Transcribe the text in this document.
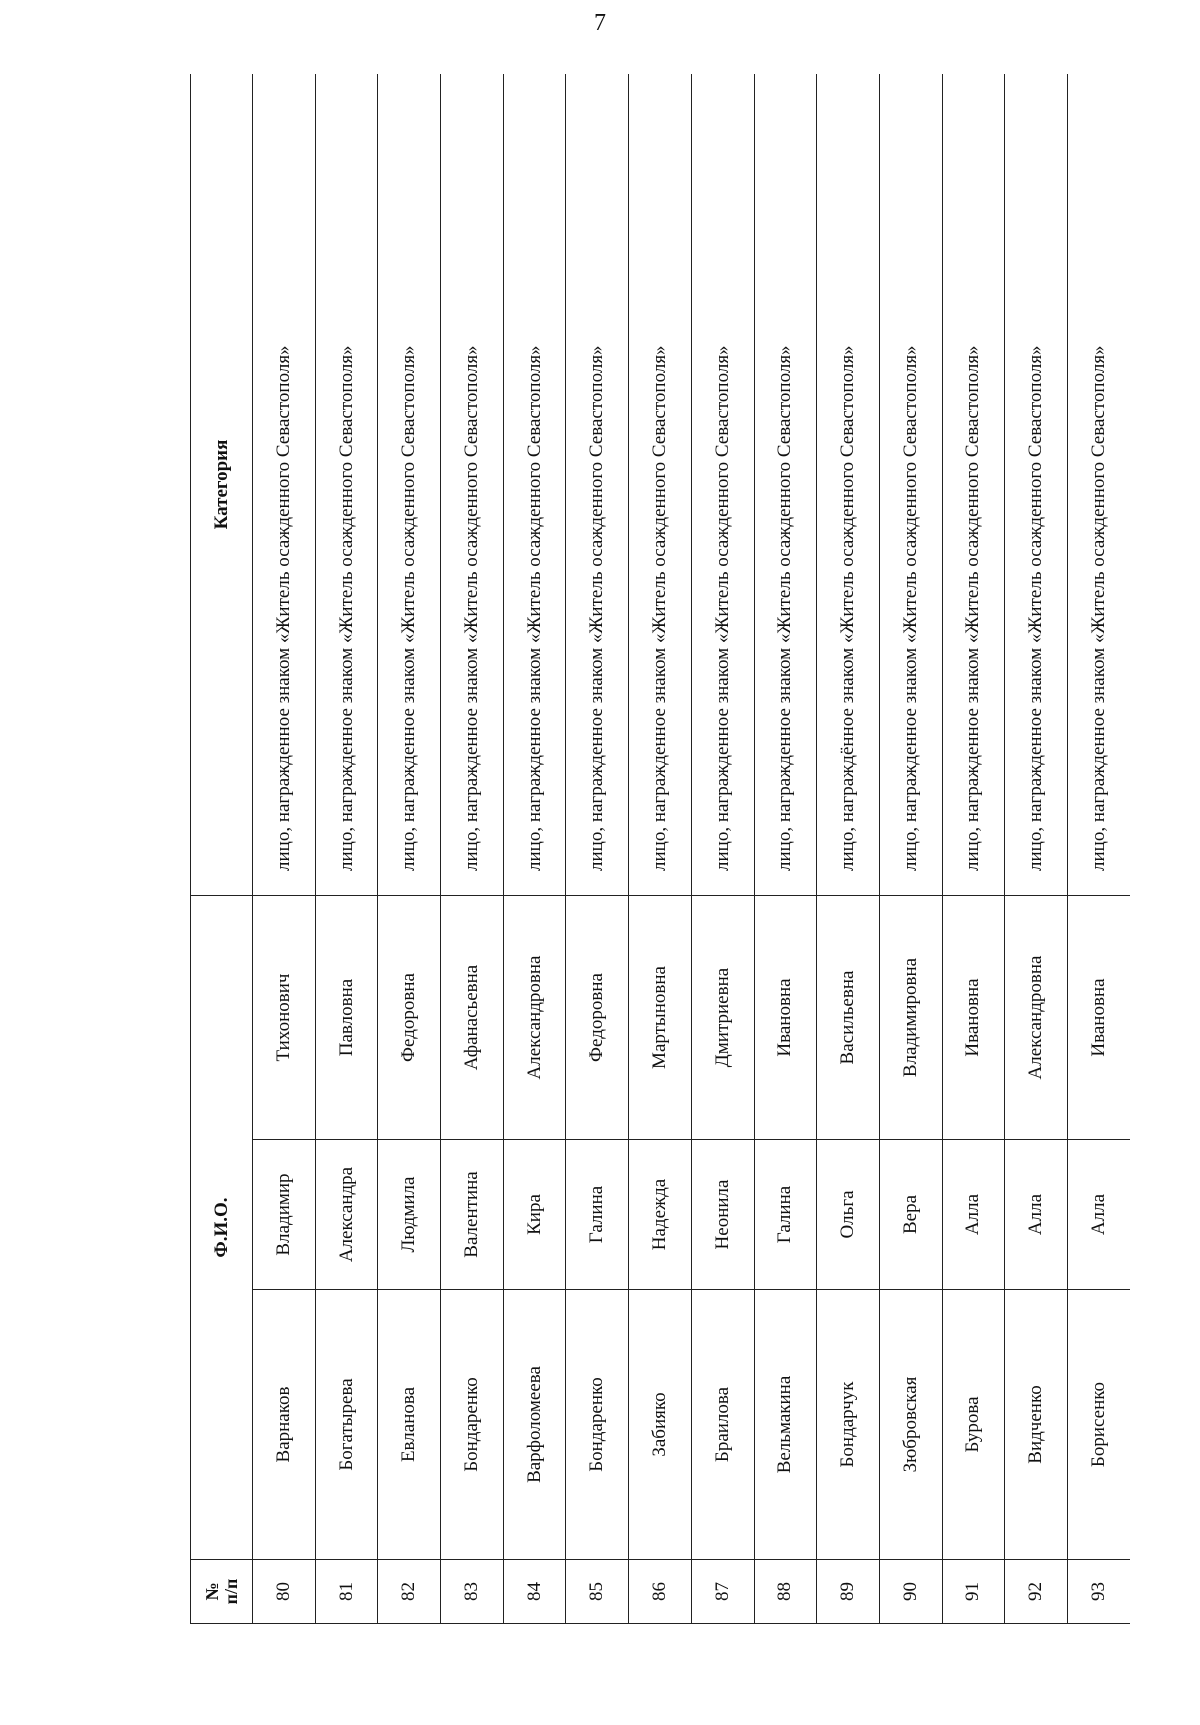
7
№
п/п	Ф.И.О.			Категория
80	Варнаков	Владимир	Тихонович	лицо, награжденное знаком «Житель осажденного Севастополя»
81	Богатырева	Александра	Павловна	лицо, награжденное знаком «Житель осажденного Севастополя»
82	Евланова	Людмила	Федоровна	лицо, награжденное знаком «Житель осажденного Севастополя»
83	Бондаренко	Валентина	Афанасьевна	лицо, награжденное знаком «Житель осажденного Севастополя»
84	Варфоломеева	Кира	Александровна	лицо, награжденное знаком «Житель осажденного Севастополя»
85	Бондаренко	Галина	Федоровна	лицо, награжденное знаком «Житель осажденного Севастополя»
86	Забияко	Надежда	Мартыновна	лицо, награжденное знаком «Житель осажденного Севастополя»
87	Браилова	Неонила	Дмитриевна	лицо, награжденное знаком «Житель осажденного Севастополя»
88	Вельмакина	Галина	Ивановна	лицо, награжденное знаком «Житель осажденного Севастополя»
89	Бондарчук	Ольга	Васильевна	лицо, награждённое знаком «Житель осажденного Севастополя»
90	Зюбровская	Вера	Владимировна	лицо, награжденное знаком «Житель осажденного Севастополя»
91	Бурова	Алла	Ивановна	лицо, награжденное знаком «Житель осажденного Севастополя»
92	Видченко	Алла	Александровна	лицо, награжденное знаком «Житель осажденного Севастополя»
93	Борисенко	Алла	Ивановна	лицо, награжденное знаком «Житель осажденного Севастополя»
